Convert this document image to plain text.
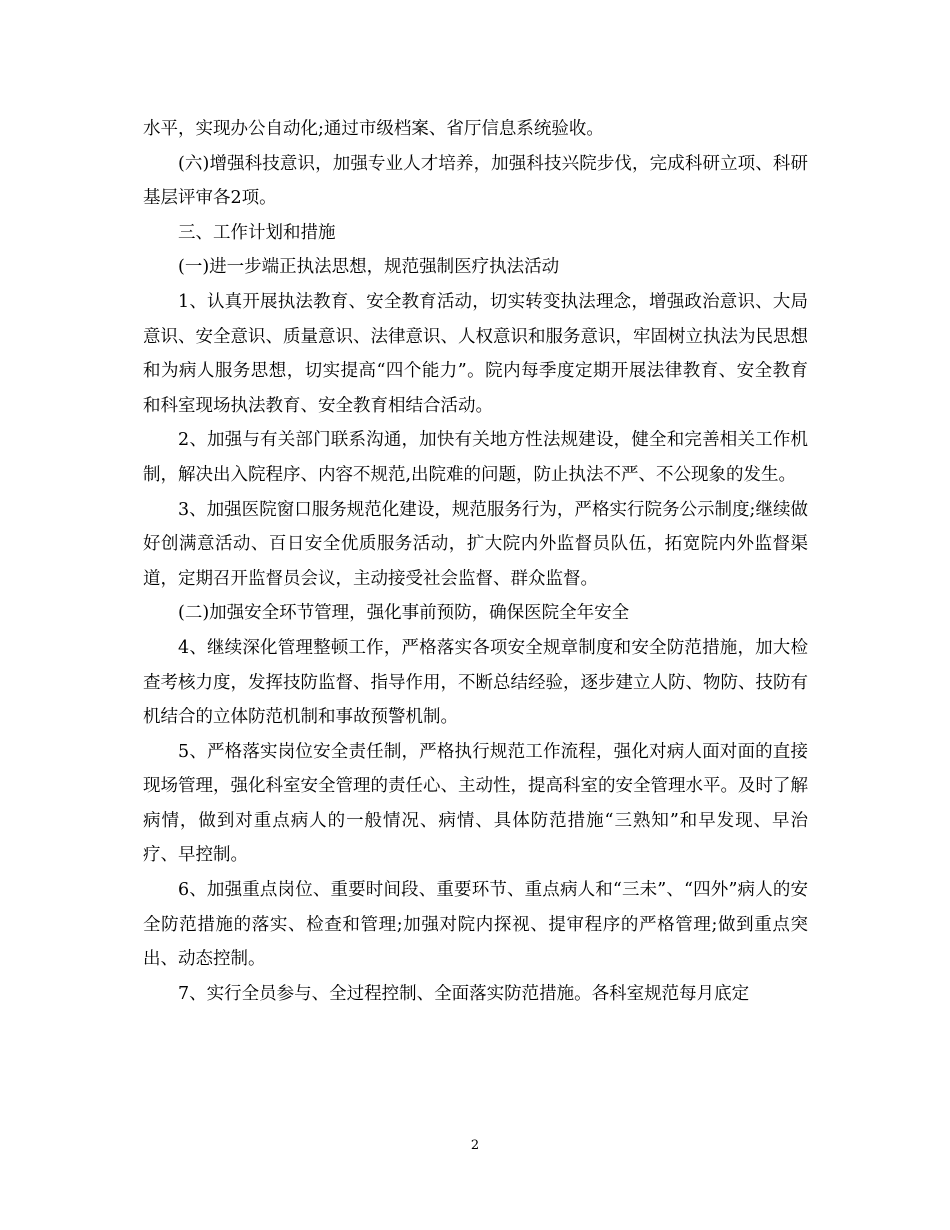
水平，实现办公自动化;通过市级档案、省厅信息系统验收。

(六)增强科技意识，加强专业人才培养，加强科技兴院步伐，完成科研立项、科研基层评审各2项。

三、工作计划和措施

(一)进一步端正执法思想，规范强制医疗执法活动

1、认真开展执法教育、安全教育活动，切实转变执法理念，增强政治意识、大局意识、安全意识、质量意识、法律意识、人权意识和服务意识，牢固树立执法为民思想和为病人服务思想，切实提高“四个能力”。院内每季度定期开展法律教育、安全教育和科室现场执法教育、安全教育相结合活动。

2、加强与有关部门联系沟通，加快有关地方性法规建设，健全和完善相关工作机制，解决出入院程序、内容不规范,出院难的问题，防止执法不严、不公现象的发生。

3、加强医院窗口服务规范化建设，规范服务行为，严格实行院务公示制度;继续做好创满意活动、百日安全优质服务活动，扩大院内外监督员队伍，拓宽院内外监督渠道，定期召开监督员会议，主动接受社会监督、群众监督。

(二)加强安全环节管理，强化事前预防，确保医院全年安全

4、继续深化管理整顿工作，严格落实各项安全规章制度和安全防范措施，加大检查考核力度，发挥技防监督、指导作用，不断总结经验，逐步建立人防、物防、技防有机结合的立体防范机制和事故预警机制。

5、严格落实岗位安全责任制，严格执行规范工作流程，强化对病人面对面的直接现场管理，强化科室安全管理的责任心、主动性，提高科室的安全管理水平。及时了解病情，做到对重点病人的一般情况、病情、具体防范措施“三熟知”和早发现、早治疗、早控制。

6、加强重点岗位、重要时间段、重要环节、重点病人和“三未”、“四外”病人的安全防范措施的落实、检查和管理;加强对院内探视、提审程序的严格管理;做到重点突出、动态控制。

7、实行全员参与、全过程控制、全面落实防范措施。各科室规范每月底定

2
